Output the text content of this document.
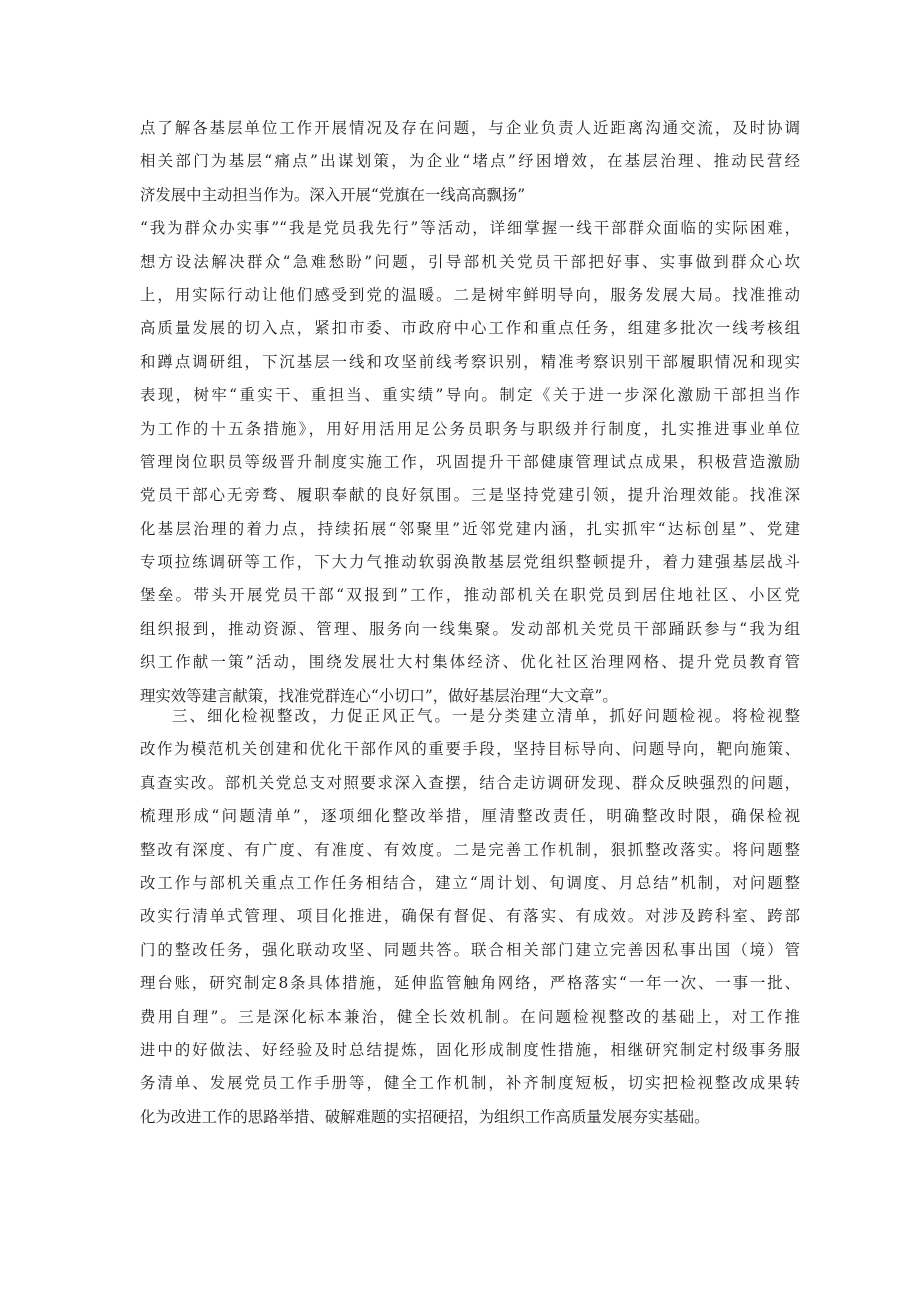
点了解各基层单位工作开展情况及存在问题，与企业负责人近距离沟通交流，及时协调
相关部门为基层“痛点”出谋划策，为企业“堵点”纾困增效，在基层治理、推动民营经
济发展中主动担当作为。深入开展“党旗在一线高高飘扬”
“我为群众办实事”“我是党员我先行”等活动，详细掌握一线干部群众面临的实际困难，
想方设法解决群众“急难愁盼”问题，引导部机关党员干部把好事、实事做到群众心坎
上，用实际行动让他们感受到党的温暖。二是树牢鲜明导向，服务发展大局。找准推动
高质量发展的切入点，紧扣市委、市政府中心工作和重点任务，组建多批次一线考核组
和蹲点调研组，下沉基层一线和攻坚前线考察识别，精准考察识别干部履职情况和现实
表现，树牢“重实干、重担当、重实绩”导向。制定《关于进一步深化激励干部担当作
为工作的十五条措施》，用好用活用足公务员职务与职级并行制度，扎实推进事业单位
管理岗位职员等级晋升制度实施工作，巩固提升干部健康管理试点成果，积极营造激励
党员干部心无旁骛、履职奉献的良好氛围。三是坚持党建引领，提升治理效能。找准深
化基层治理的着力点，持续拓展“邻聚里”近邻党建内涵，扎实抓牢“达标创星”、党建
专项拉练调研等工作，下大力气推动软弱涣散基层党组织整顿提升，着力建强基层战斗
堡垒。带头开展党员干部“双报到”工作，推动部机关在职党员到居住地社区、小区党
组织报到，推动资源、管理、服务向一线集聚。发动部机关党员干部踊跃参与“我为组
织工作献一策”活动，围绕发展壮大村集体经济、优化社区治理网格、提升党员教育管
理实效等建言献策，找准党群连心“小切口”，做好基层治理“大文章”。
三、细化检视整改，力促正风正气。一是分类建立清单，抓好问题检视。将检视整
改作为模范机关创建和优化干部作风的重要手段，坚持目标导向、问题导向，靶向施策、
真查实改。部机关党总支对照要求深入查摆，结合走访调研发现、群众反映强烈的问题，
梳理形成“问题清单”，逐项细化整改举措，厘清整改责任，明确整改时限，确保检视
整改有深度、有广度、有准度、有效度。二是完善工作机制，狠抓整改落实。将问题整
改工作与部机关重点工作任务相结合，建立“周计划、旬调度、月总结”机制，对问题整
改实行清单式管理、项目化推进，确保有督促、有落实、有成效。对涉及跨科室、跨部
门的整改任务，强化联动攻坚、同题共答。联合相关部门建立完善因私事出国（境）管
理台账，研究制定8条具体措施，延伸监管触角网络，严格落实“一年一次、一事一批、
费用自理”。三是深化标本兼治，健全长效机制。在问题检视整改的基础上，对工作推
进中的好做法、好经验及时总结提炼，固化形成制度性措施，相继研究制定村级事务服
务清单、发展党员工作手册等，健全工作机制，补齐制度短板，切实把检视整改成果转
化为改进工作的思路举措、破解难题的实招硬招，为组织工作高质量发展夯实基础。
